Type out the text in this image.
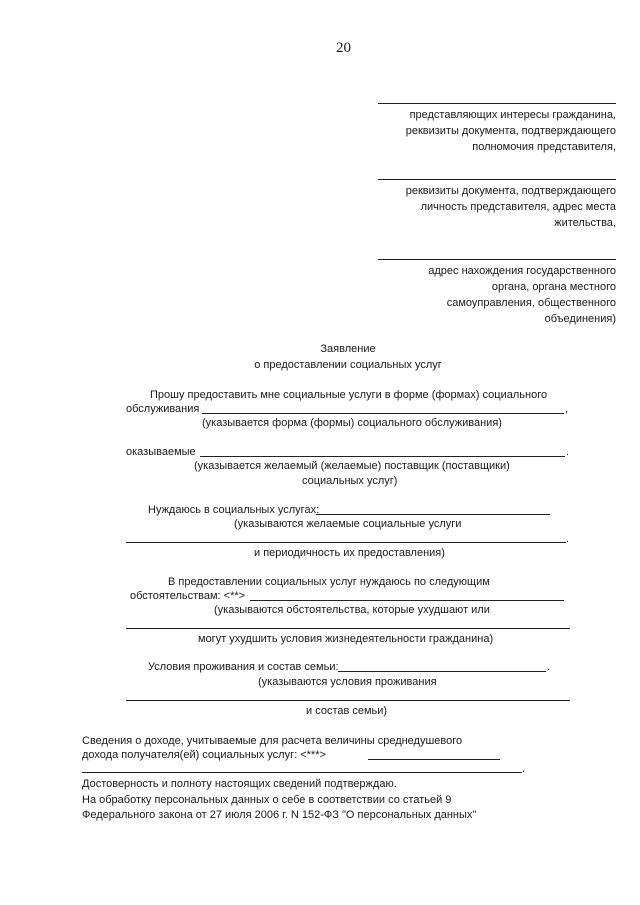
20
представляющих интересы гражданина,
реквизиты документа, подтверждающего
полномочия представителя,
реквизиты документа, подтверждающего
личность представителя, адрес места
жительства,
адрес нахождения государственного
органа, органа местного
самоуправления, общественного
объединения)
Заявление
о предоставлении социальных услуг
Прошу предоставить мне социальные услуги в форме (формах) социального
обслуживания	,
(указывается форма (формы) социального обслуживания)
оказываемые	.
(указывается желаемый (желаемые) поставщик (поставщики)
социальных услуг)
Нуждаюсь в социальных услугах:
(указываются желаемые социальные услуги
.
и периодичность их предоставления)
В предоставлении социальных услуг нуждаюсь по следующим
обстоятельствам: <**>
(указываются обстоятельства, которые ухудшают или
могут ухудшить условия жизнедеятельности гражданина)
Условия проживания и состав семьи:	.
(указываются условия проживания
и состав семьи)
Сведения о доходе, учитываемые для расчета величины среднедушевого
дохода получателя(ей) социальных услуг: <***>
.
Достоверность и полноту настоящих сведений подтверждаю.
На обработку персональных данных о себе в соответствии со статьей 9
Федерального закона от 27 июля 2006 г. N 152-ФЗ "О персональных данных"
